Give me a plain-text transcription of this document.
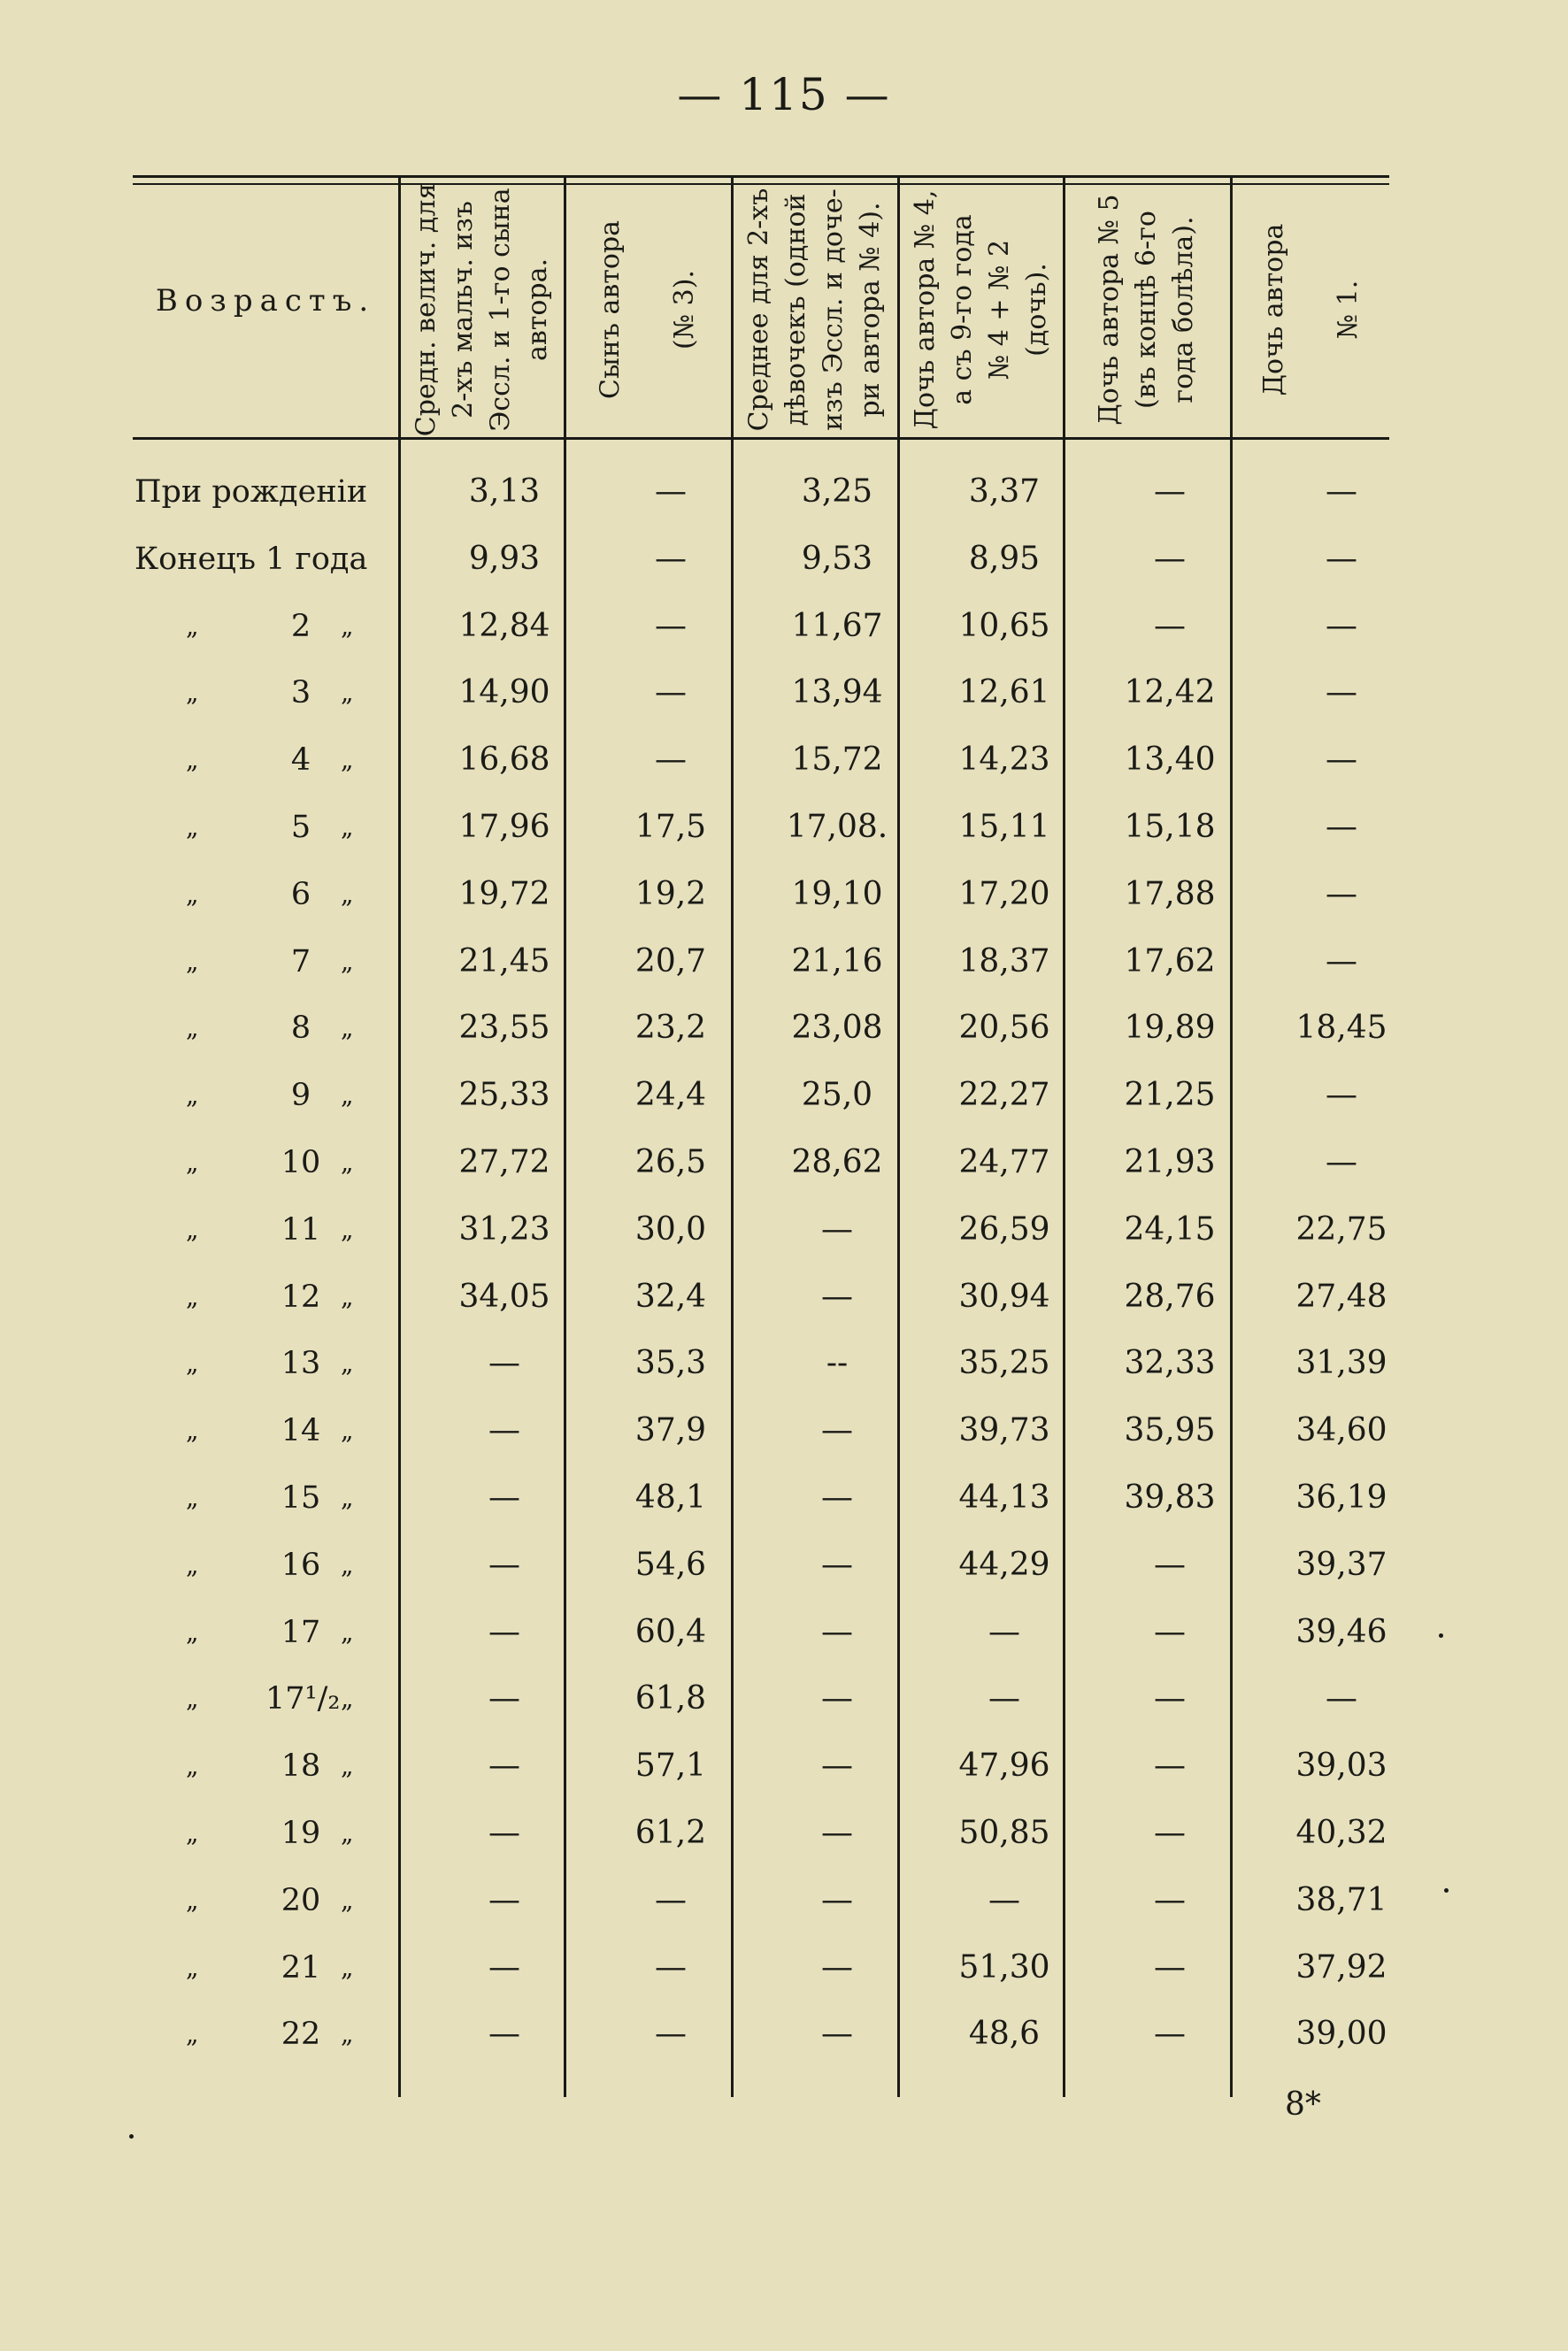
— 115 —
Возрастъ.
Средн. велич. для
2-хъ мальч. изъ
Эссл. и 1-го сына
автора.
Сынъ автора

(№ 3).
Среднее для 2-хъ
дѣвочекъ (одной
изъ Эссл. и доче-
ри автора № 4).
Дочь автора № 4,
а съ 9-го года
№ 4 + № 2
(дочь).
Дочь автора № 5
(въ концѣ 6-го
года болѣла).
Дочь автора

№ 1.
При рожденіи	3,13	—	3,25	3,37	—	—
Конецъ 1 года	9,93	—	9,53	8,95	—	—
„	2	„	12,84	—	11,67	10,65	—	—
„	3	„	14,90	—	13,94	12,61	12,42	—
„	4	„	16,68	—	15,72	14,23	13,40	—
„	5	„	17,96	17,5	17,08.	15,11	15,18	—
„	6	„	19,72	19,2	19,10	17,20	17,88	—
„	7	„	21,45	20,7	21,16	18,37	17,62	—
„	8	„	23,55	23,2	23,08	20,56	19,89	18,45
„	9	„	25,33	24,4	25,0	22,27	21,25	—
„	10 „	27,72	26,5	28,62	24,77	21,93	—
„	11 „	31,23	30,0	—	26,59	24,15	22,75
„	12 „	34,05	32,4	—	30,94	28,76	27,48
„	13 „	—	35,3	--	35,25	32,33	31,39
„	14 „	—	37,9	—	39,73	35,95	34,60
„	15 „	—	48,1	—	44,13	39,83	36,19
„	16 „	—	54,6	—	44,29	—	39,37
„	17 „	—	60,4	—	—	—	39,46
„ 17¹/₂ „	—	61,8	—	—	—	—
„	18 „	—	57,1	—	47,96	—	39,03
„	19 „	—	61,2	—	50,85	—	40,32
„	20 „	—	—	—	—	—	38,71
„	21 „	—	—	—	51,30	—	37,92
„	22 „	—	—	—	48,6	—	39,00
8*
